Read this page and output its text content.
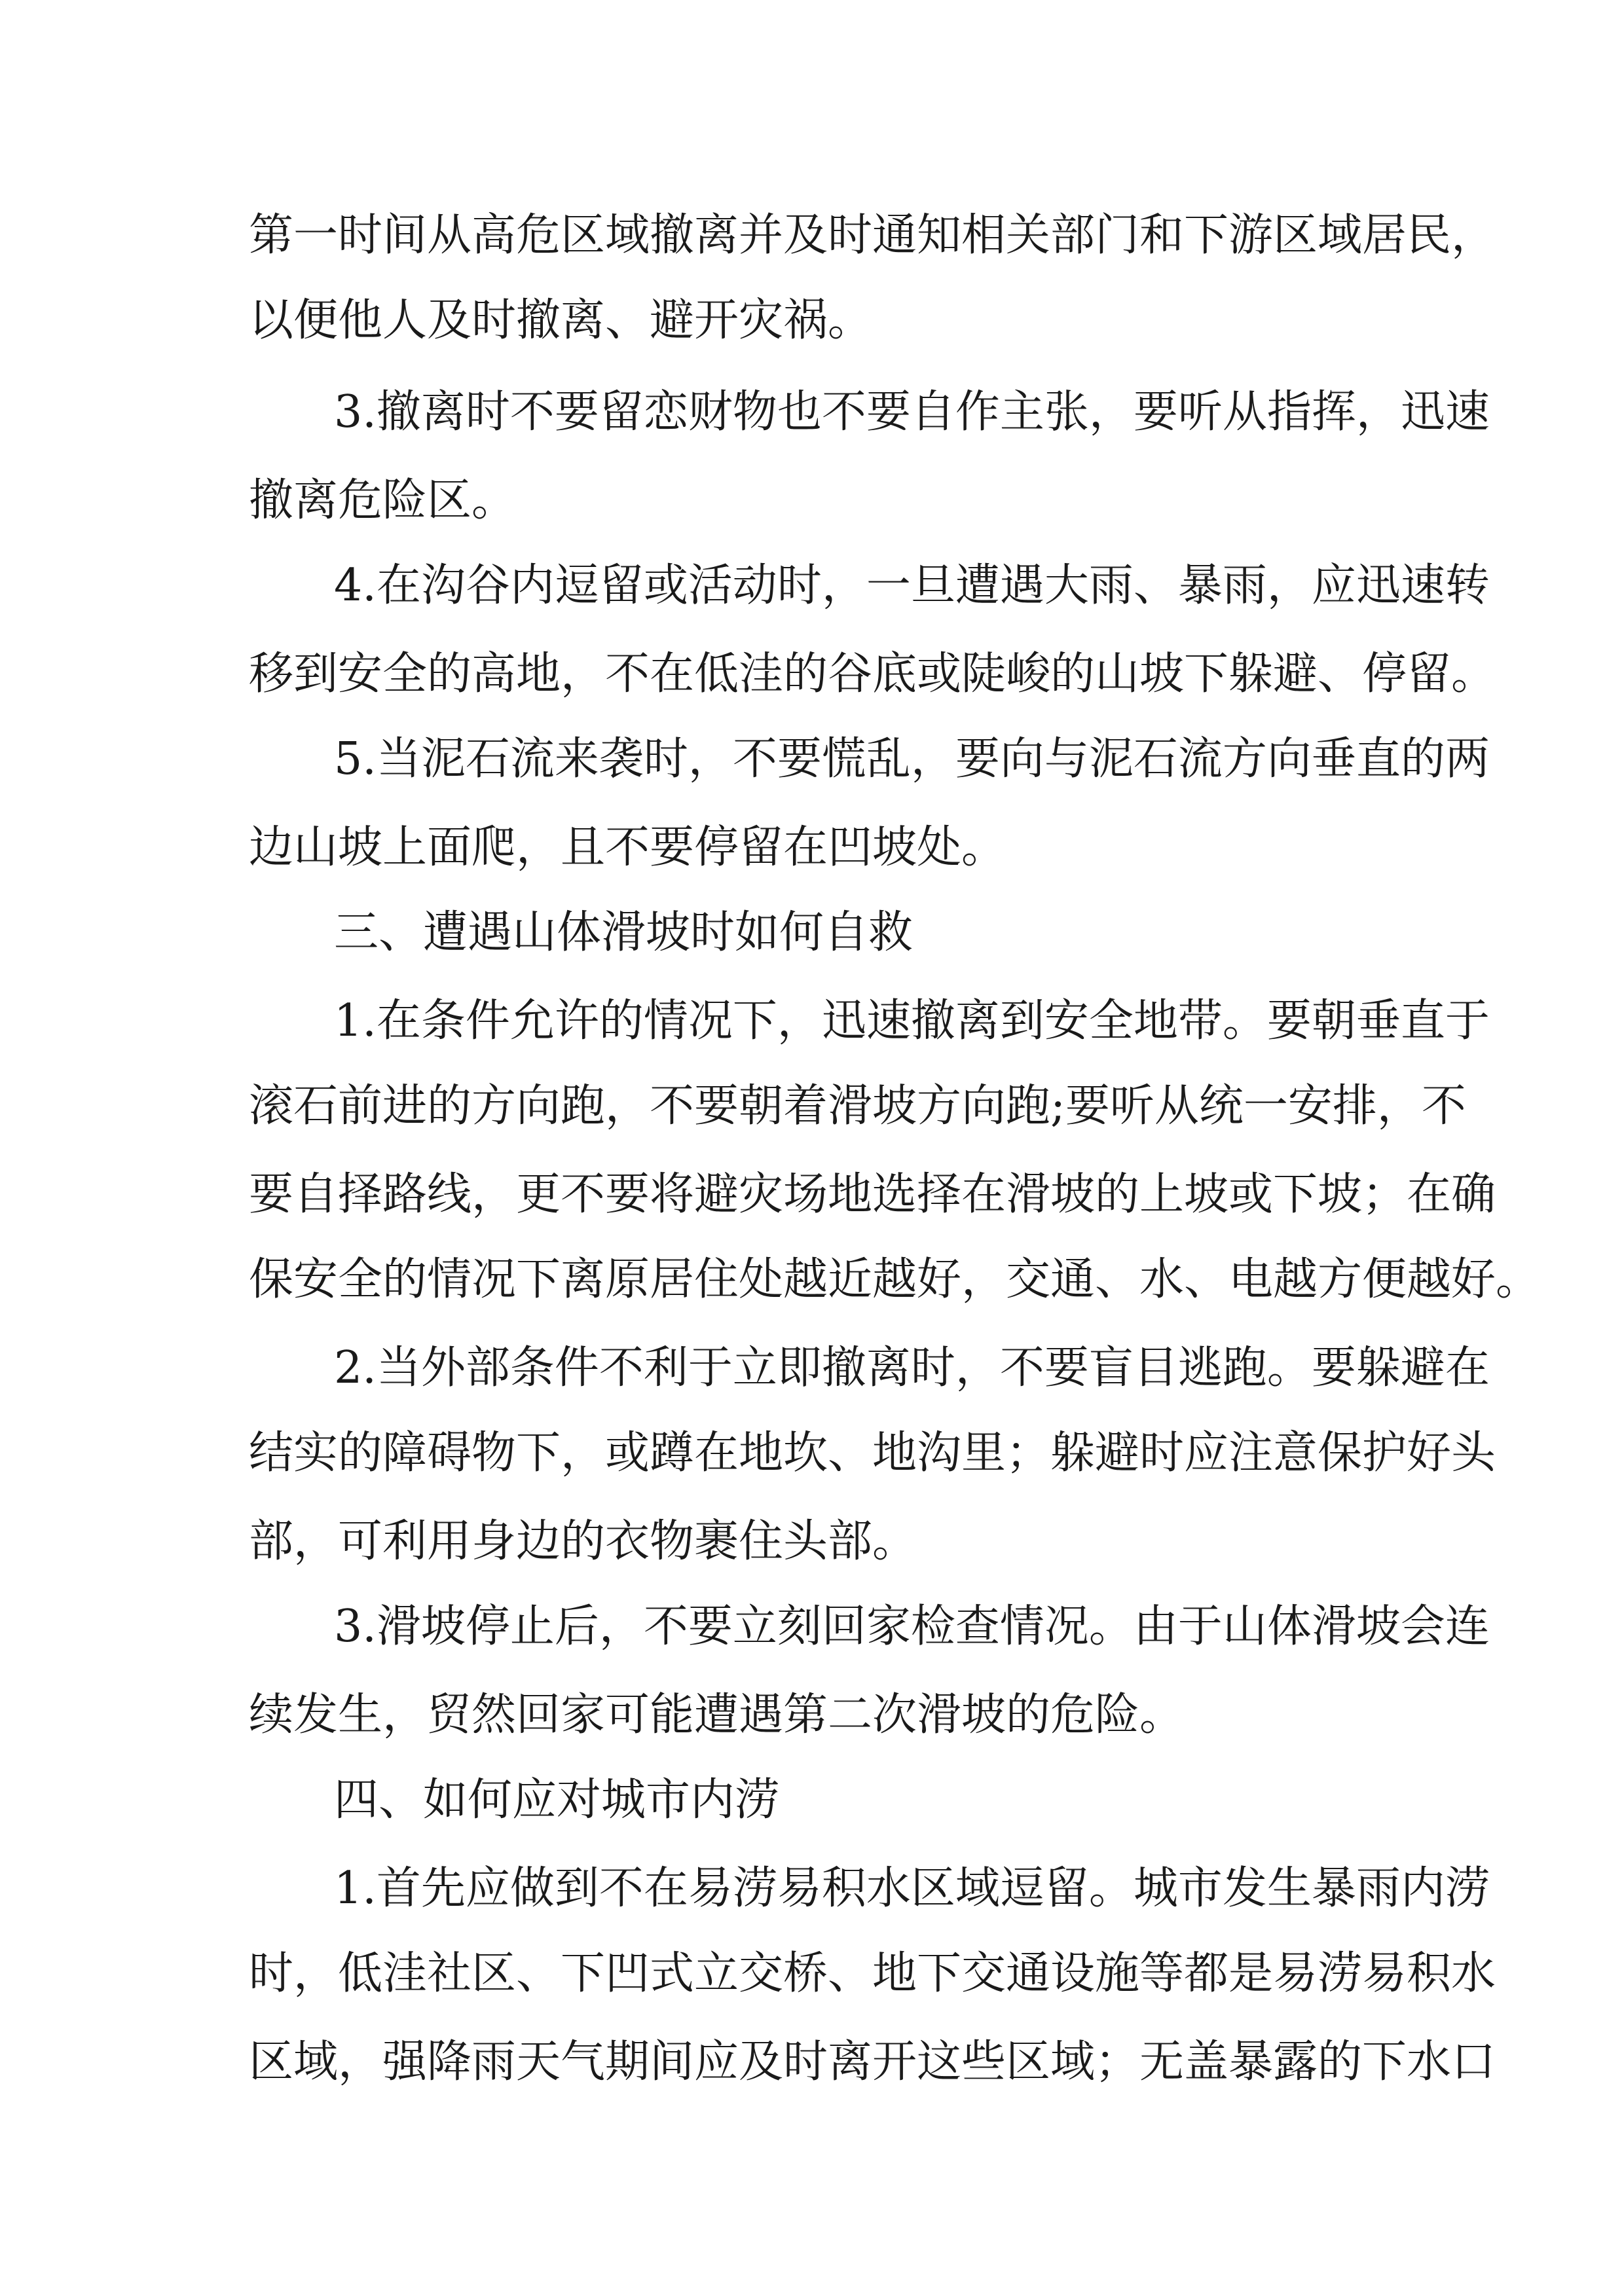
第一时间从高危区域撤离并及时通知相关部门和下游区域居民，
以便他人及时撤离、避开灾祸。
3.撤离时不要留恋财物也不要自作主张，要听从指挥，迅速
撤离危险区。
4.在沟谷内逗留或活动时，一旦遭遇大雨、暴雨，应迅速转
移到安全的高地，不在低洼的谷底或陡峻的山坡下躲避、停留。
5.当泥石流来袭时，不要慌乱，要向与泥石流方向垂直的两
边山坡上面爬，且不要停留在凹坡处。
三、遭遇山体滑坡时如何自救
1.在条件允许的情况下，迅速撤离到安全地带。要朝垂直于
滚石前进的方向跑，不要朝着滑坡方向跑;要听从统一安排，不
要自择路线，更不要将避灾场地选择在滑坡的上坡或下坡；在确
保安全的情况下离原居住处越近越好，交通、水、电越方便越好。
2.当外部条件不利于立即撤离时，不要盲目逃跑。要躲避在
结实的障碍物下，或蹲在地坎、地沟里；躲避时应注意保护好头
部，可利用身边的衣物裹住头部。
3.滑坡停止后，不要立刻回家检查情况。由于山体滑坡会连
续发生，贸然回家可能遭遇第二次滑坡的危险。
四、如何应对城市内涝
1.首先应做到不在易涝易积水区域逗留。城市发生暴雨内涝
时，低洼社区、下凹式立交桥、地下交通设施等都是易涝易积水
区域，强降雨天气期间应及时离开这些区域；无盖暴露的下水口
